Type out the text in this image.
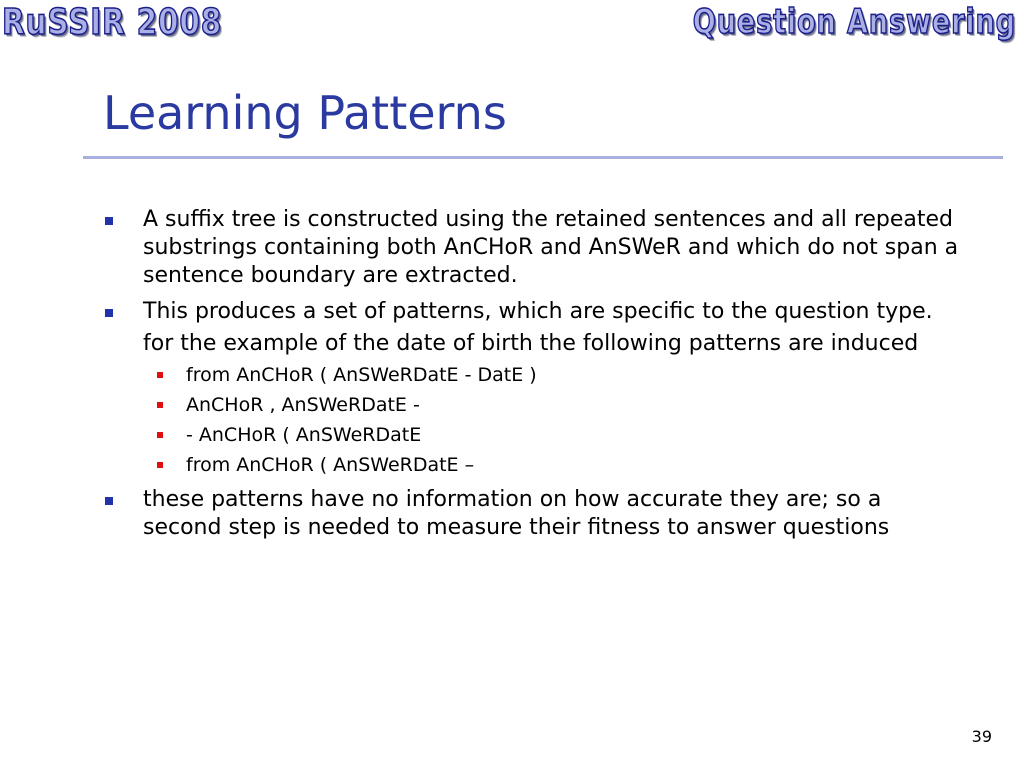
RuSSIR 2008	Question Answering
Learning Patterns
A suffix tree is constructed using the retained sentences and all repeated substrings containing both AnCHoR and AnSWeR and which do not span a sentence boundary are extracted.
This produces a set of patterns, which are specific to the question type.
for the example of the date of birth the following patterns are induced
from AnCHoR ( AnSWeRDatE - DatE )
AnCHoR , AnSWeRDatE -
- AnCHoR ( AnSWeRDatE
from AnCHoR ( AnSWeRDatE –
these patterns have no information on how accurate they are; so a second step is needed to measure their fitness to answer questions
39
